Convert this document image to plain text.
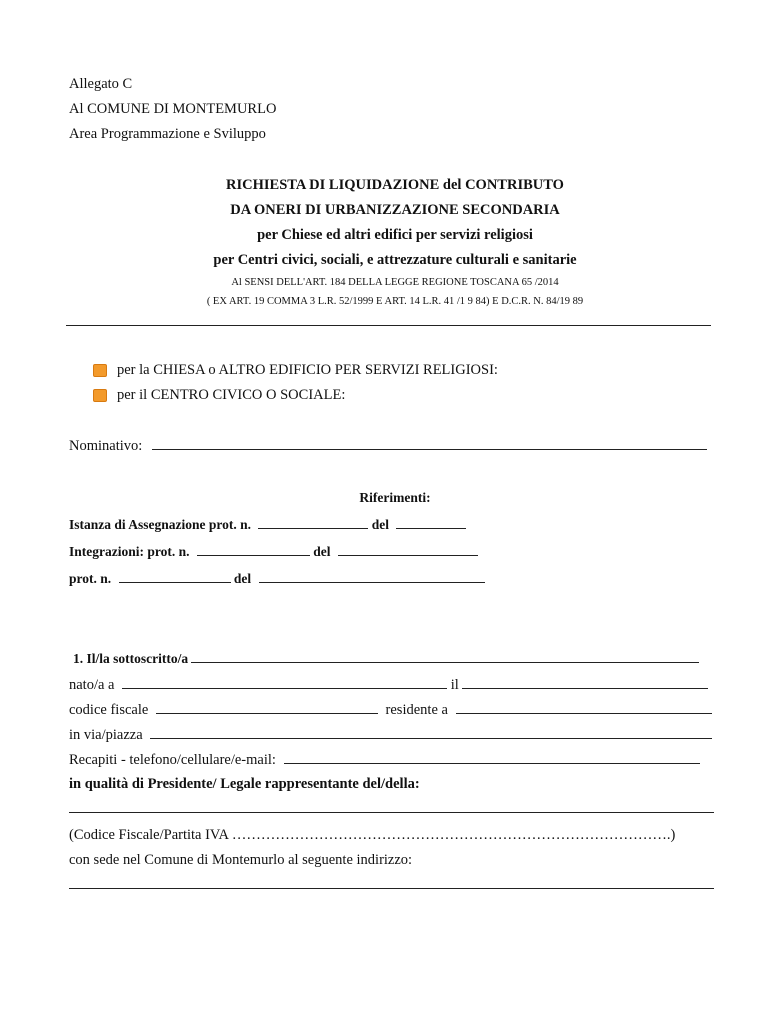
Allegato C
Al COMUNE DI MONTEMURLO
Area Programmazione e Sviluppo
RICHIESTA DI LIQUIDAZIONE del CONTRIBUTO
DA ONERI DI URBANIZZAZIONE SECONDARIA
per Chiese ed altri edifici per servizi religiosi
per Centri civici, sociali, e attrezzature culturali e sanitarie
Al SENSI DELL'ART. 184 DELLA LEGGE REGIONE TOSCANA 65 /2014
( EX ART. 19 COMMA 3 L.R. 52/1999 E ART. 14 L.R. 41 /1 9 84) E D.C.R. N. 84/19 89
per la CHIESA o ALTRO EDIFICIO PER SERVIZI RELIGIOSI:
per il CENTRO CIVICO O SOCIALE:
Nominativo:
Riferimenti:
Istanza di Assegnazione prot. n.	del
Integrazioni: prot. n.	del
prot. n.	del
1. Il/la sottoscritto/a
nato/a a	il
codice fiscale	residente a
in via/piazza
Recapiti - telefono/cellulare/e-mail:
in qualità di Presidente/ Legale rappresentante del/della:
(Codice Fiscale/Partita IVA ……………………………………………………………………………….)
con sede nel Comune di Montemurlo al seguente indirizzo:
